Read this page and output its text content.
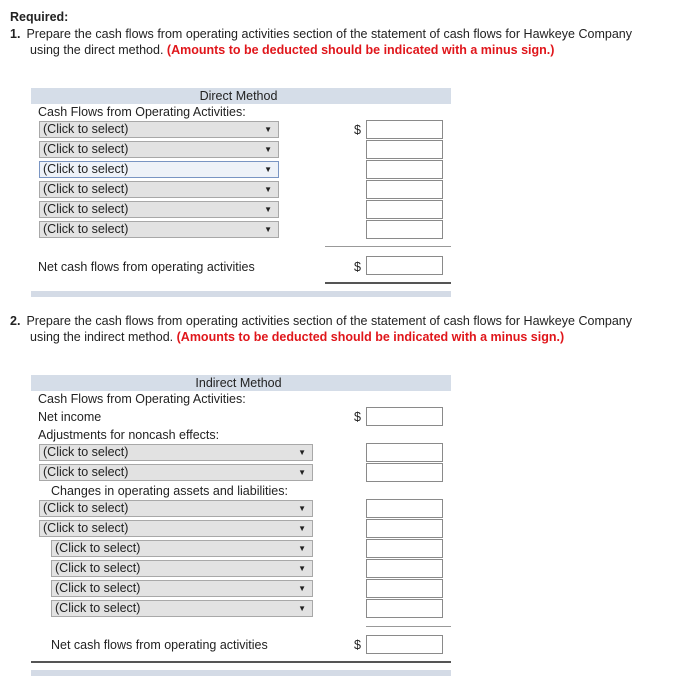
Required:
1. Prepare the cash flows from operating activities section of the statement of cash flows for Hawkeye Company using the direct method. (Amounts to be deducted should be indicated with a minus sign.)
Direct Method
Cash Flows from Operating Activities:
(Click to select)	▼
(Click to select)	▼
(Click to select)	▼
(Click to select)	▼
(Click to select)	▼
(Click to select)	▼
$
Net cash flows from operating activities	$
2. Prepare the cash flows from operating activities section of the statement of cash flows for Hawkeye Company using the indirect method. (Amounts to be deducted should be indicated with a minus sign.)
Indirect Method
Cash Flows from Operating Activities:
Net income	$
Adjustments for noncash effects:
(Click to select)	▼
(Click to select)	▼
Changes in operating assets and liabilities:
(Click to select)	▼
(Click to select)	▼
(Click to select)	▼
(Click to select)	▼
(Click to select)	▼
(Click to select)	▼
Net cash flows from operating activities	$
